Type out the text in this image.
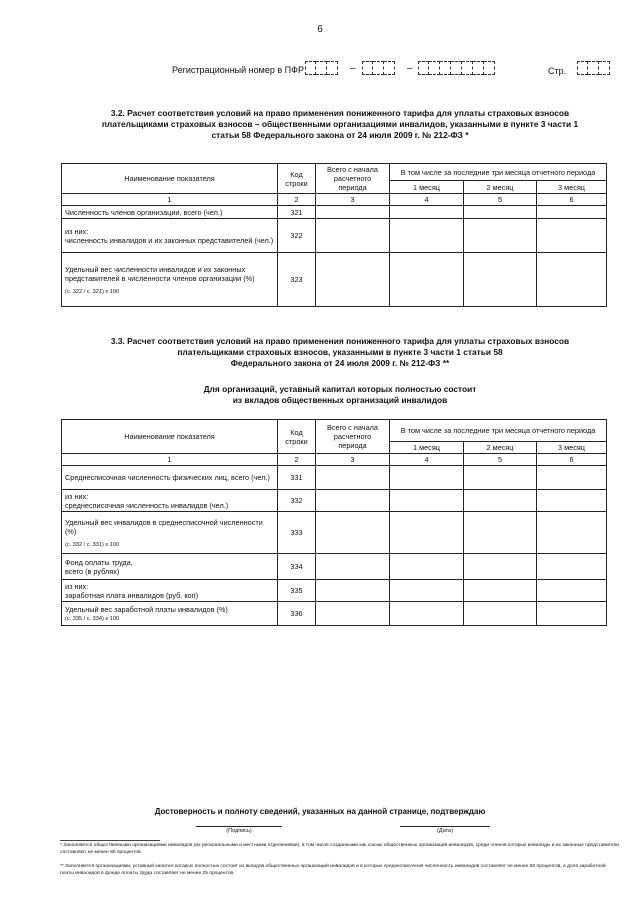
6
Регистрационный номер в ПФР	–	–	Стр.
3.2. Расчет соответствия условий на право применения пониженного тарифа для уплаты страховых взносов
плательщиками страховых взносов – общественными организациями инвалидов, указанными в пункте 3 части 1
статьи 58 Федерального закона от 24 июля 2009 г. № 212-ФЗ *
Наименование показателя	Код строки	Всего с начала расчетного периода	В том числе за последние три месяца отчетного периода		
			1 месяц	2 месяц	3 месяц
1	2	3	4	5	6
Численность членов организации, всего (чел.)	321				
из них:
численность инвалидов и их законных представителей (чел.)	322				
Удельный вес численности инвалидов и их законных представителей в численности членов организации (%)
(с. 322 / с. 321) х 100	323				
3.3. Расчет соответствия условий на право применения пониженного тарифа для уплаты страховых взносов
плательщиками страховых взносов, указанными в пункте 3 части 1 статьи 58
Федерального закона от 24 июля 2009 г. № 212-ФЗ **
Для организаций, уставный капитал которых полностью состоит
из вкладов общественных организаций инвалидов
Наименование показателя	Код строки	Всего с начала расчетного периода	В том числе за последние три месяца отчетного периода		
			1 месяц	2 месяц	3 месяц
1	2	3	4	5	6
Среднесписочная численность физических лиц, всего (чел.)	331				
из них:
среднесписочная численность инвалидов (чел.)	332				
Удельный вес инвалидов в среднесписочной численности (%)
(с. 332 / с. 331) х 100	333				
Фонд оплаты труда,
всего (в рублях)	334				
из них:
заработная плата инвалидов (руб. коп)	335				
Удельный вес заработной платы инвалидов (%)
(с. 335 / с. 334) х 100	336				
Достоверность и полноту сведений, указанных на данной странице, подтверждаю
(Подпись)	(Дата)
* Заполняется общественными организациями инвалидов (их региональными и местными отделениями), в том числе созданными как союзы общественных организаций инвалидов, среди членов которых инвалиды и их законные представители составляют не менее 80 процентов.
** Заполняется организациями, уставный капитал которых полностью состоит из вкладов общественных организаций инвалидов и в которых среднесписочная численность инвалидов составляет не менее 50 процентов, а доля заработной платы инвалидов в фонде оплаты труда составляет не менее 25 процентов.
